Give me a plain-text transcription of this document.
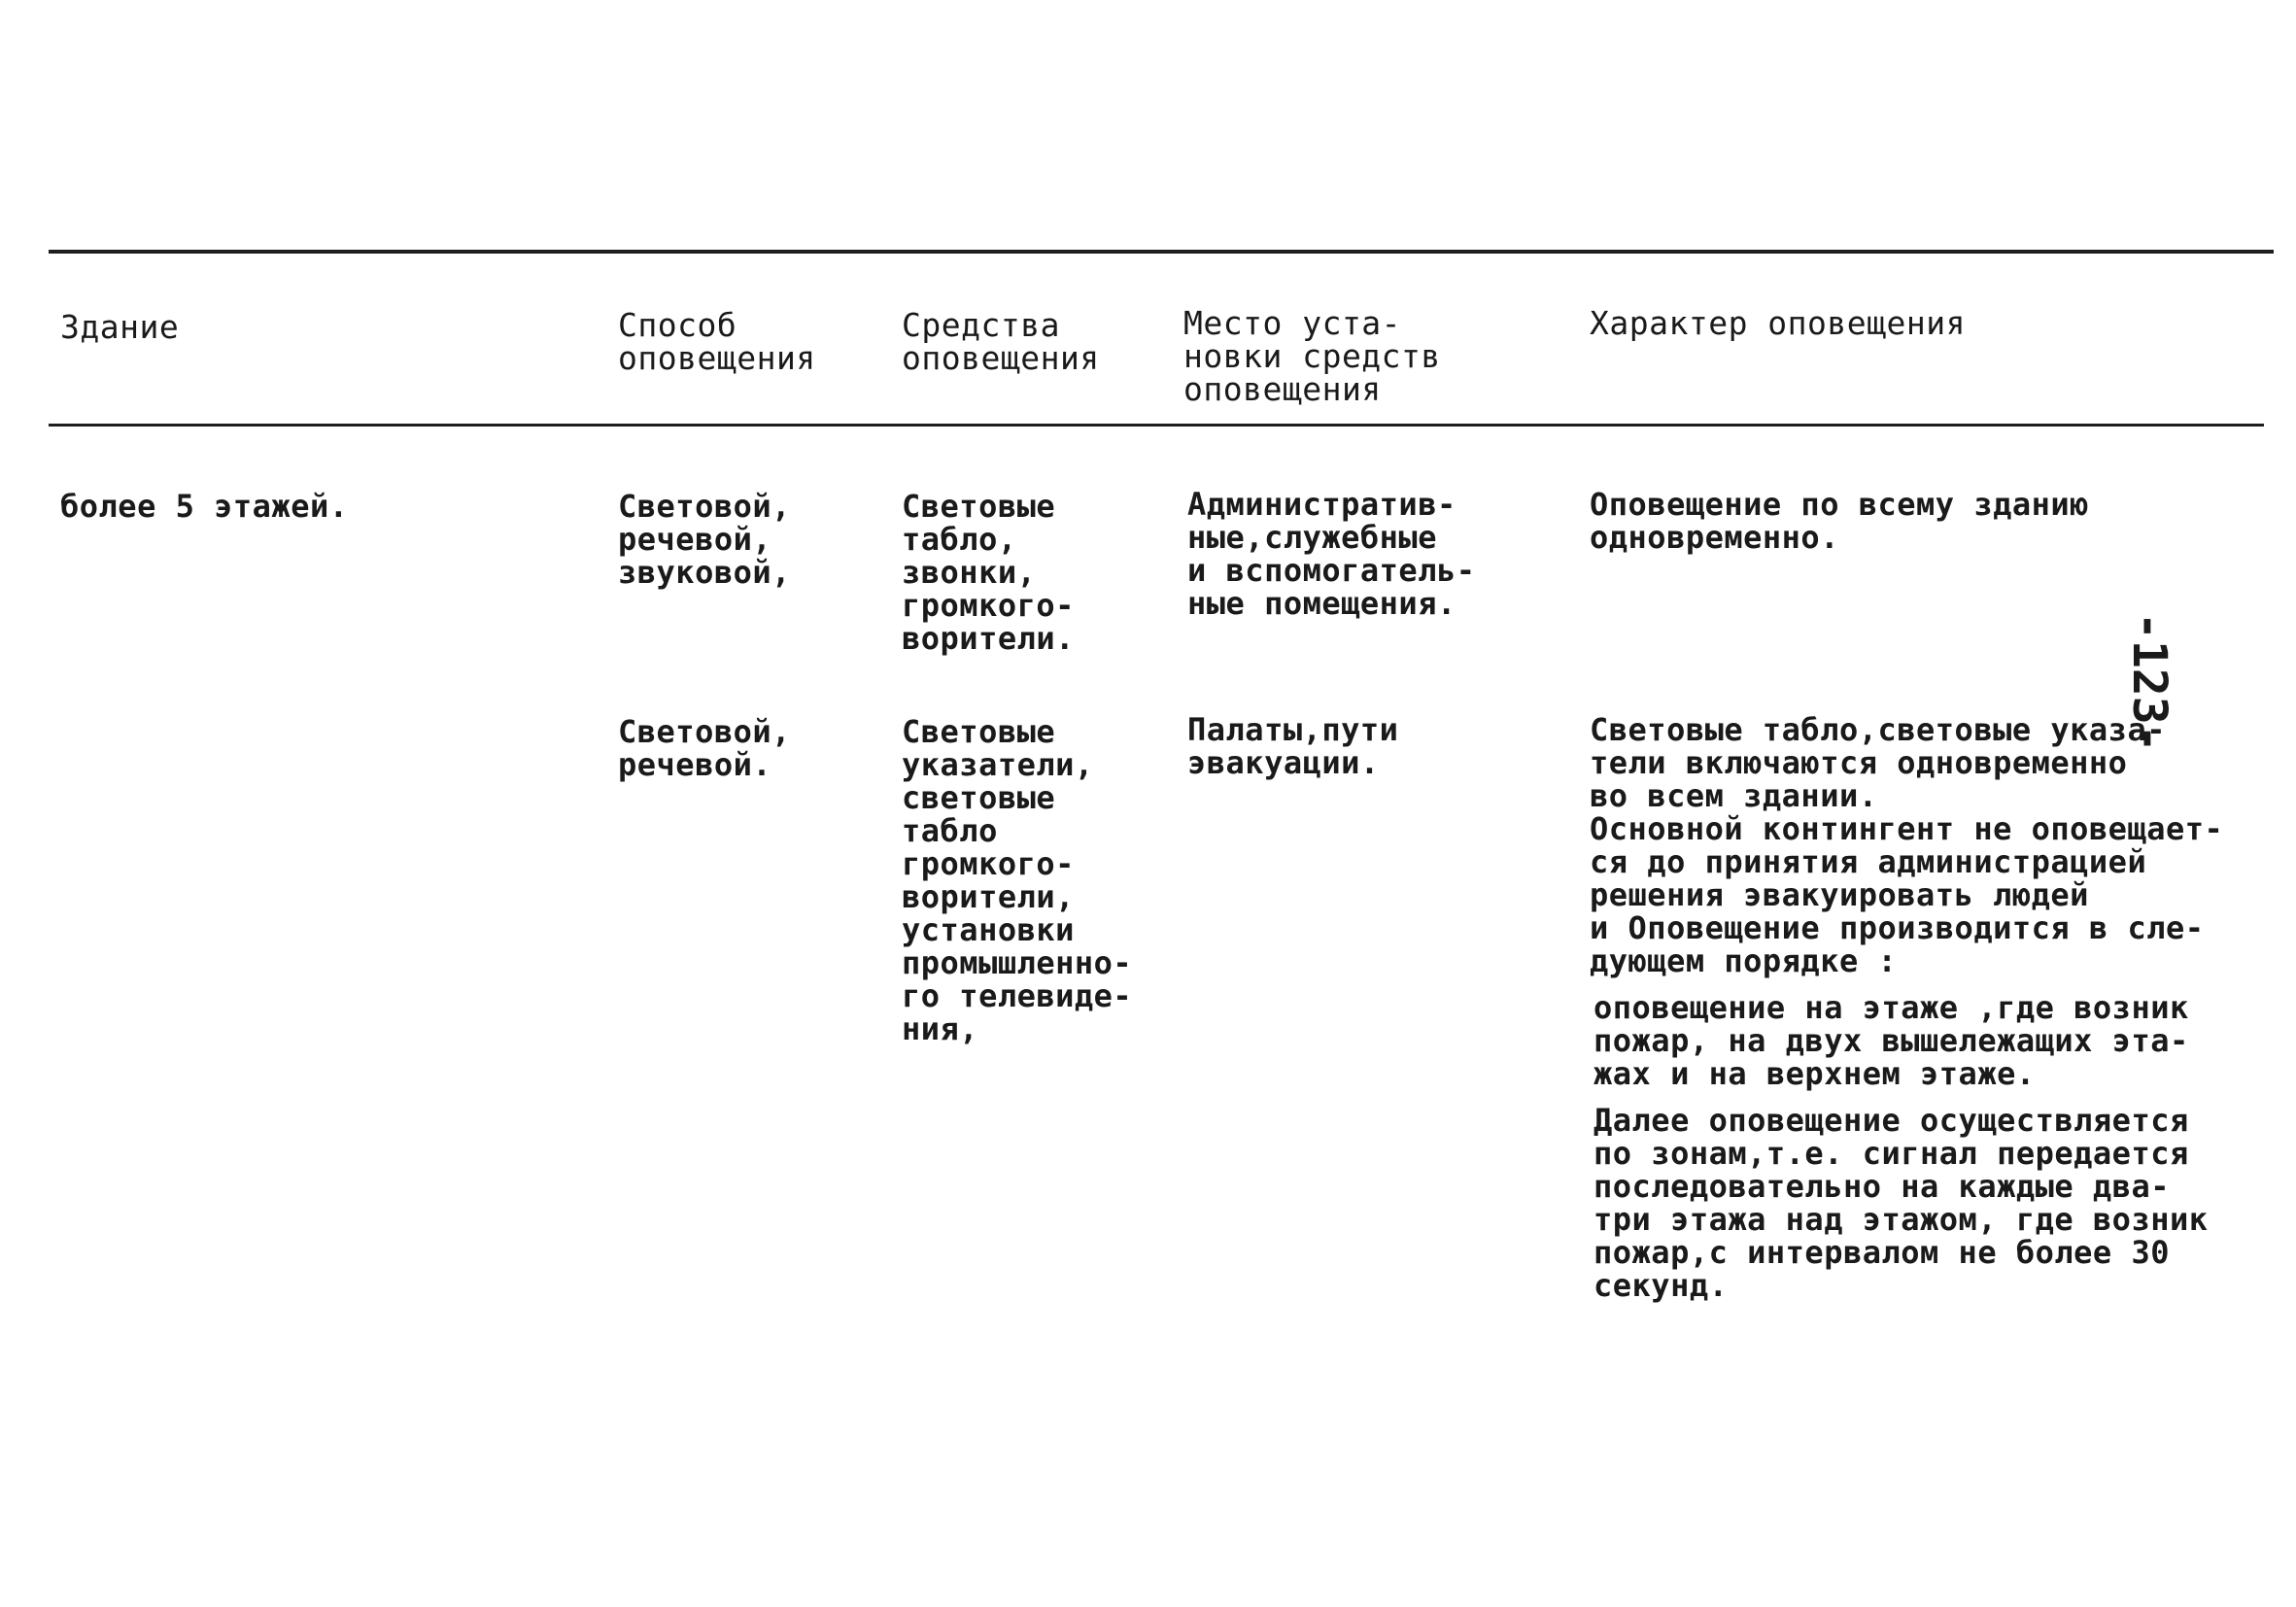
Здание	Способ
оповещения
Средства
оповещения
Место уста-
новки средств
оповещения
Характер оповещения
более 5 этажей.	Световой,
речевой,
звуковой,
Световые
табло,
звонки,
громкого-
ворители.
Административ-
ные,служебные
и вспомогатель-
ные помещения.
Оповещение по всему зданию
одновременно.
Световой,
речевой.
Световые
указатели,
световые
табло
громкого-
ворители,
установки
промышленно-
го телевиде-
ния,
Палаты,пути
эвакуации.
Световые табло,световые указа-
тели включаются одновременно
во всем здании.
Основной контингент не оповещает-
ся до принятия администрацией
решения эвакуировать людей
и Оповещение производится в сле-
дующем порядке :
оповещение на этаже ,где возник
пожар, на двух вышележащих эта-
жах и на верхнем этаже.
Далее оповещение осуществляется
по зонам,т.е. сигнал передается
последовательно на каждые два-
три этажа над этажом, где возник
пожар,с интервалом не более 30
секунд.
-123-
